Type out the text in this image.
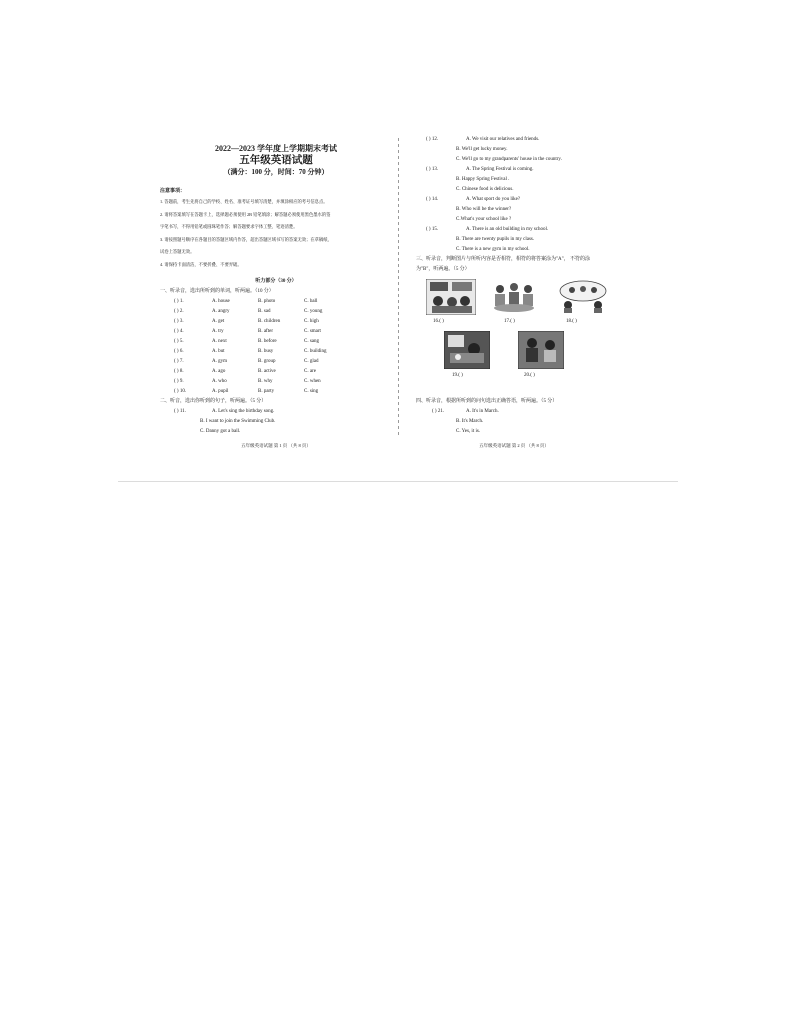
2022—2023 学年度上学期期末考试
五年级英语试题
（满分：100 分，时间：70 分钟）
注意事项：
1. 答题前，考生先将自己的学校、姓名、准考证号填写清楚，并填涂相应的考号信息点。
2. 请将答案填写在答题卡上，选择题必须使用 2B 铅笔填涂；解答题必须使用黑色墨水的签
字笔书写，不得用铅笔或圆珠笔作答；解答题要求字体工整、笔迹清楚。
3. 请按照题号顺序在各题目的答题区域内作答，超出答题区域书写的答案无效；在草稿纸、
试卷上答题无效。
4. 请保持卡面清洁，不要折叠、不要弄破。
听力部分（30 分）
一、听录音，选出所听到的单词，听两遍。（10 分）
( ) 1.	A. house	B. photo	C. ball
( ) 2.	A. angry	B. sad	C. young
( ) 3.	A. get	B. children	C. high
( ) 4.	A. try	B. after	C. smart
( ) 5.	A. next	B. before	C. sang
( ) 6.	A. but	B. busy	C. building
( ) 7.	A. gym	B. group	C. glad
( ) 8.	A. ago	B. active	C. are
( ) 9.	A. who	B. why	C. when
( ) 10.	A. pupil	B. party	C. sing
二、听音，选出你听到的句子，听两遍。（5 分）
( ) 11.	A. Let's sing the birthday song.
B. I want to join the Swimming Club.
C. Danny got a ball.
五年级英语试题 第 1 页 （共 8 页）
( ) 12.	A. We visit our relatives and friends.
B. We'll get lucky money.
C. We'll go to my grandparents' house in the country.
( ) 13.	A. The Spring Festival is coming.
B. Happy Spring Festival .
C. Chinese food is delicious.
( ) 14.	A. What sport do you like?
B. Who will be the winner?
C.What's your school like ?
( ) 15.	A. There is an old building in my school.
B. There are twenty pupils in my class.
C. There is a new gym in my school.
三、听录音，判断图片与所听内容是否相符，相符的将答案涂为"A"， 不符的涂
为"B"，听两遍。（5 分）
16.( )	17.( )	18.( )
19.( )	20.( )
四、听录音，根据所听到的问句选出正确答语，听两遍。（5 分）
( ) 21.	A. It's in March.
B. It's March.
C. Yes, it is.
五年级英语试题 第 2 页 （共 8 页）
